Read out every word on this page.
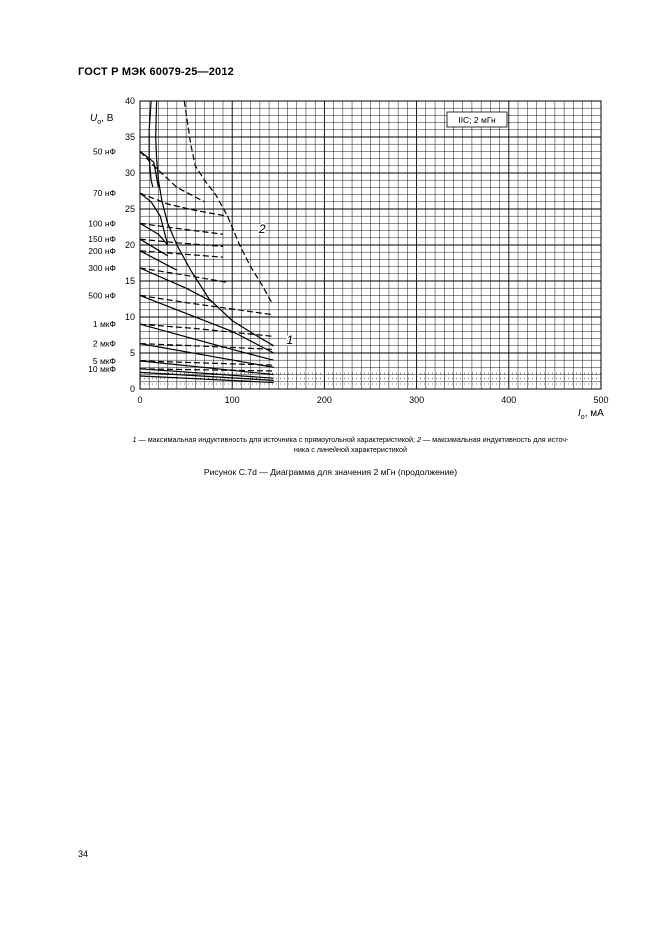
ГОСТ Р МЭК 60079-25—2012
0
5
10
15
20
25
30
35
40
0	100	200	300	400	500
$U_o$, В
$I_o$, мА
50 нФ
70 нФ
100 нФ
150 нФ
200 нФ
300 нФ
500 нФ
1 мкФ
2 мкФ
5 мкФ
10 мкФ
IIC; 2 мГн
1
2
1 — максимальная индуктивность для источника с прямоугольной характеристикой; 2 — максимальная индуктивность для источ-
ника с линейной характеристикой
Рисунок С.7d — Диаграмма для значения 2 мГн (продолжение)
34
